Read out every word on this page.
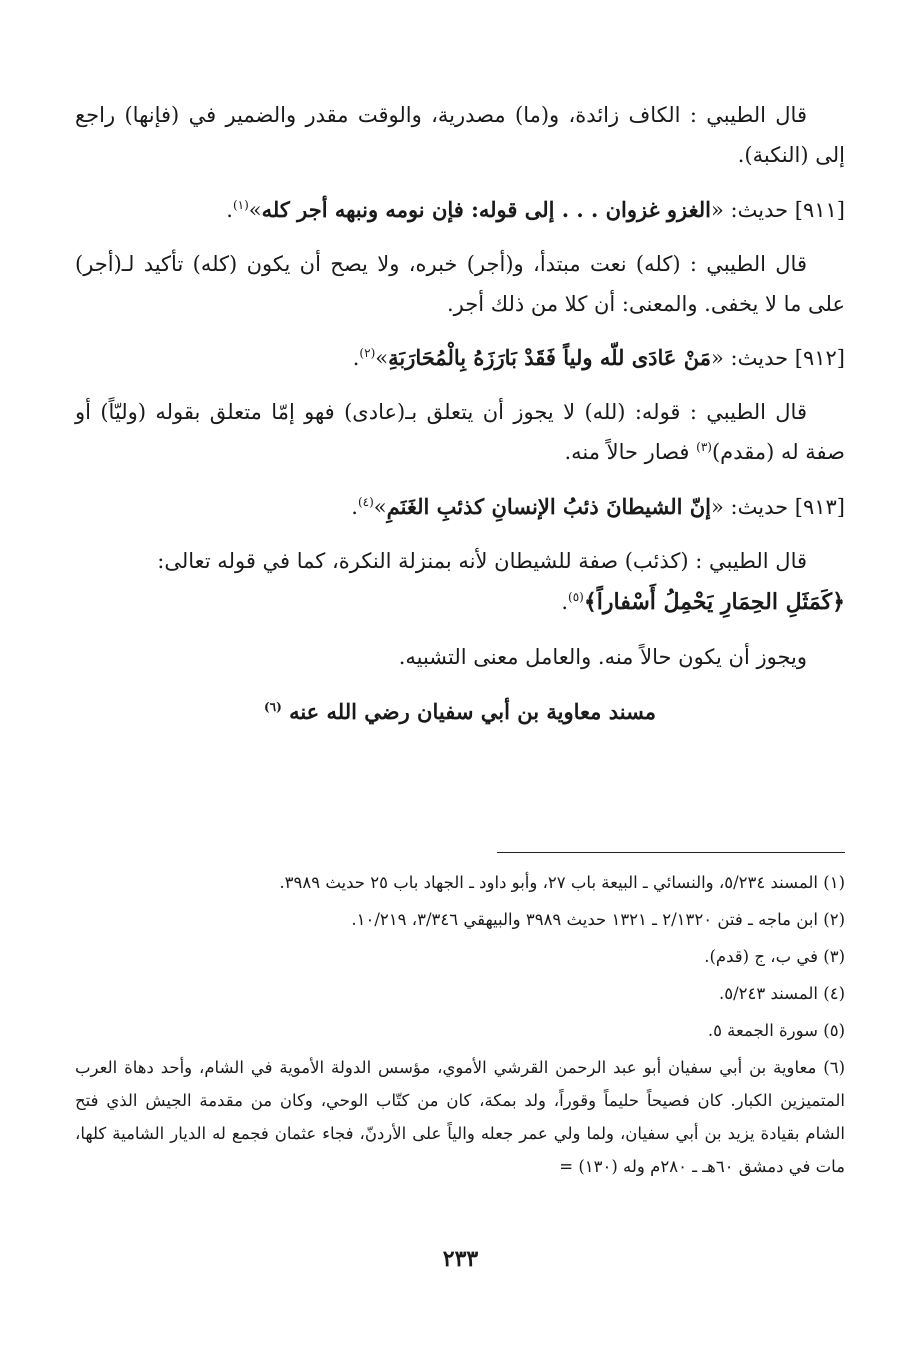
قال الطيبي : الكاف زائدة، و(ما) مصدرية، والوقت مقدر والضمير في (فإنها) راجع إلى (النكبة).

[٩١١] حديث: «الغزو غزوان . . . إلى قوله: فإن نومه ونبهه أجر كله»$^{(١)}$.

قال الطيبي : (كله) نعت مبتدأ، و(أجر) خبره، ولا يصح أن يكون (كله) تأكيد لـ(أجر) على ما لا يخفى. والمعنى: أن كلا من ذلك أجر.

[٩١٢] حديث: «مَنْ عَادَى للّه ولياً فَقَدْ بَارَزَهُ بِالْمُحَارَبَةِ»$^{(٢)}$.

قال الطيبي : قوله: (لله) لا يجوز أن يتعلق بـ(عادى) فهو إمّا متعلق بقوله (وليّاً) أو صفة له (مقدم)$^{(٣)}$ فصار حالاً منه.

[٩١٣] حديث: «إنّ الشيطانَ ذئبُ الإنسانِ كذئبِ الغَنَمِ»$^{(٤)}$.

قال الطيبي : (كذئب) صفة للشيطان لأنه بمنزلة النكرة، كما في قوله تعالى:

﴿كَمَثَلِ الحِمَارِ يَحْمِلُ أَسْفاراً﴾$^{(٥)}$.

ويجوز أن يكون حالاً منه. والعامل معنى التشبيه.

مسند معاوية بن أبي سفيان رضي الله عنه $^{(٦)}$

(١) المسند ٥/٢٣٤، والنسائي ـ البيعة باب ٢٧، وأبو داود ـ الجهاد باب ٢٥ حديث ٣٩٨٩.

(٢) ابن ماجه ـ فتن ٢/١٣٢٠ ـ ١٣٢١ حديث ٣٩٨٩ والبيهقي ٣/٣٤٦، ١٠/٢١٩.

(٣) في ب، ج (قدم).

(٤) المسند ٥/٢٤٣.

(٥) سورة الجمعة ٥.

(٦) معاوية بن أبي سفيان أبو عبد الرحمن القرشي الأموي، مؤسس الدولة الأموية في الشام، وأحد دهاة العرب المتميزين الكبار. كان فصيحاً حليماً وقوراً، ولد بمكة، كان من كتّاب الوحي، وكان من مقدمة الجيش الذي فتح الشام بقيادة يزيد بن أبي سفيان، ولما ولي عمر جعله والياً على الأردنّ، فجاء عثمان فجمع له الديار الشامية كلها، مات في دمشق ٦٠هـ ـ ٢٨٠م وله (١٣٠) =

٢٣٣
